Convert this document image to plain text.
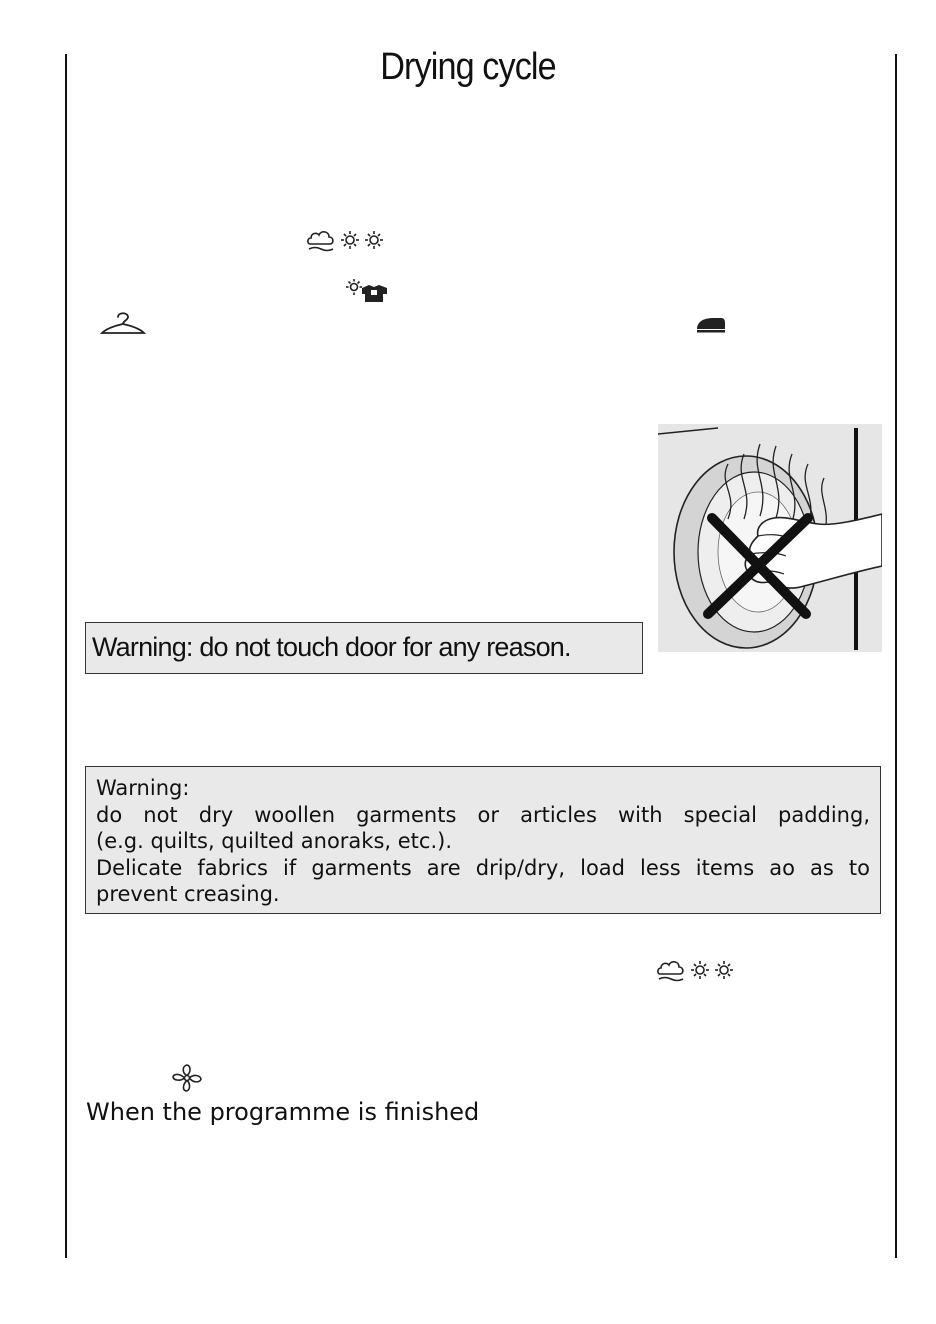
Drying cycle
Warning: do not touch door for any reason.

Warning:

do not dry woollen garments or articles with special padding,

(e.g. quilts, quilted anoraks, etc.).

Delicate fabrics if garments are drip/dry, load less items ao as to

prevent creasing.

When the programme is finished
